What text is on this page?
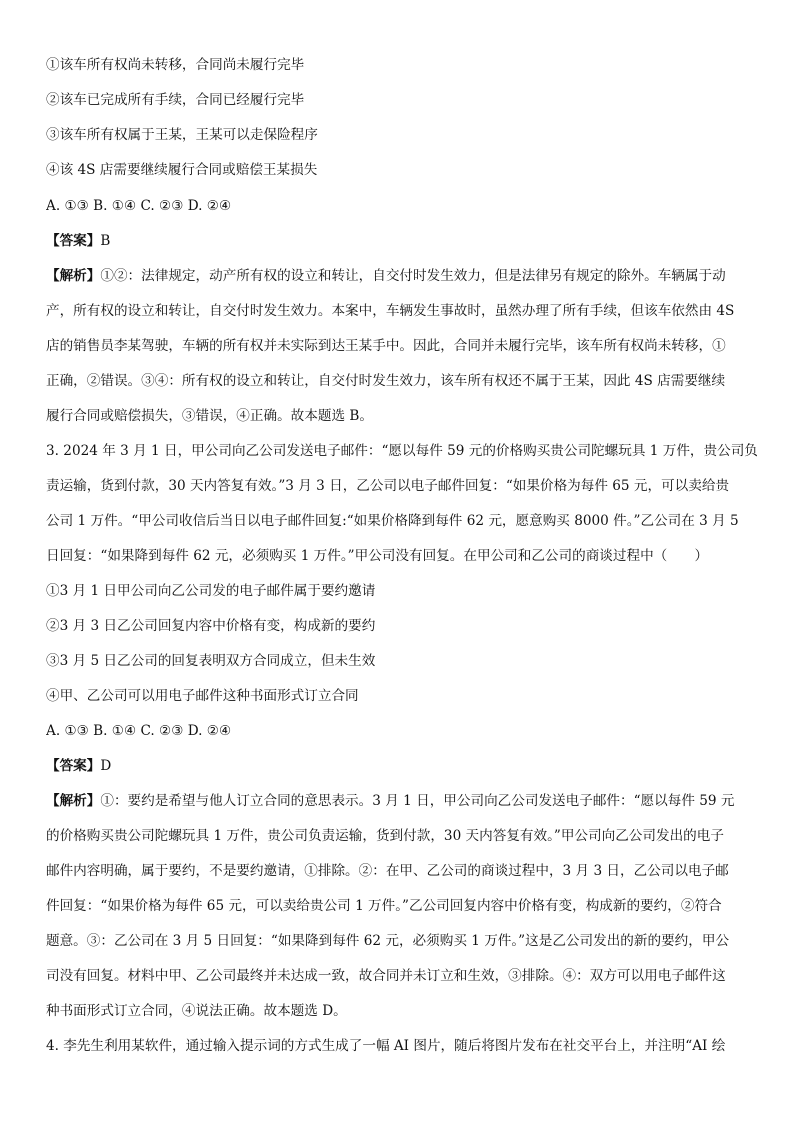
①该车所有权尚未转移，合同尚未履行完毕
②该车已完成所有手续，合同已经履行完毕
③该车所有权属于王某，王某可以走保险程序
④该 4S 店需要继续履行合同或赔偿王某损失
A. ①③ B. ①④ C. ②③ D. ②④
【答案】B
【解析】①②：法律规定，动产所有权的设立和转让，自交付时发生效力，但是法律另有规定的除外。车辆属于动
产，所有权的设立和转让，自交付时发生效力。本案中，车辆发生事故时，虽然办理了所有手续，但该车依然由 4S
店的销售员李某驾驶，车辆的所有权并未实际到达王某手中。因此，合同并未履行完毕，该车所有权尚未转移，①
正确，②错误。③④：所有权的设立和转让，自交付时发生效力，该车所有权还不属于王某，因此 4S 店需要继续
履行合同或赔偿损失，③错误，④正确。故本题选 B。
3. 2024 年 3 月 1 日，甲公司向乙公司发送电子邮件：“愿以每件 59 元的价格购买贵公司陀螺玩具 1 万件，贵公司负
责运输，货到付款，30 天内答复有效。”3 月 3 日，乙公司以电子邮件回复：“如果价格为每件 65 元，可以卖给贵
公司 1 万件。“甲公司收信后当日以电子邮件回复:“如果价格降到每件 62 元，愿意购买 8000 件。”乙公司在 3 月 5
日回复：“如果降到每件 62 元，必须购买 1 万件。”甲公司没有回复。在甲公司和乙公司的商谈过程中（　　）
①3 月 1 日甲公司向乙公司发的电子邮件属于要约邀请
②3 月 3 日乙公司回复内容中价格有变，构成新的要约
③3 月 5 日乙公司的回复表明双方合同成立，但未生效
④甲、乙公司可以用电子邮件这种书面形式订立合同
A. ①③ B. ①④ C. ②③ D. ②④
【答案】D
【解析】①：要约是希望与他人订立合同的意思表示。3 月 1 日，甲公司向乙公司发送电子邮件：“愿以每件 59 元
的价格购买贵公司陀螺玩具 1 万件，贵公司负责运输，货到付款，30 天内答复有效。”甲公司向乙公司发出的电子
邮件内容明确，属于要约，不是要约邀请，①排除。②：在甲、乙公司的商谈过程中，3 月 3 日，乙公司以电子邮
件回复：“如果价格为每件 65 元，可以卖给贵公司 1 万件。”乙公司回复内容中价格有变，构成新的要约，②符合
题意。③：乙公司在 3 月 5 日回复：“如果降到每件 62 元，必须购买 1 万件。”这是乙公司发出的新的要约，甲公
司没有回复。材料中甲、乙公司最终并未达成一致，故合同并未订立和生效，③排除。④：双方可以用电子邮件这
种书面形式订立合同，④说法正确。故本题选 D。
4. 李先生利用某软件，通过输入提示词的方式生成了一幅 AI 图片，随后将图片发布在社交平台上，并注明“AI 绘
